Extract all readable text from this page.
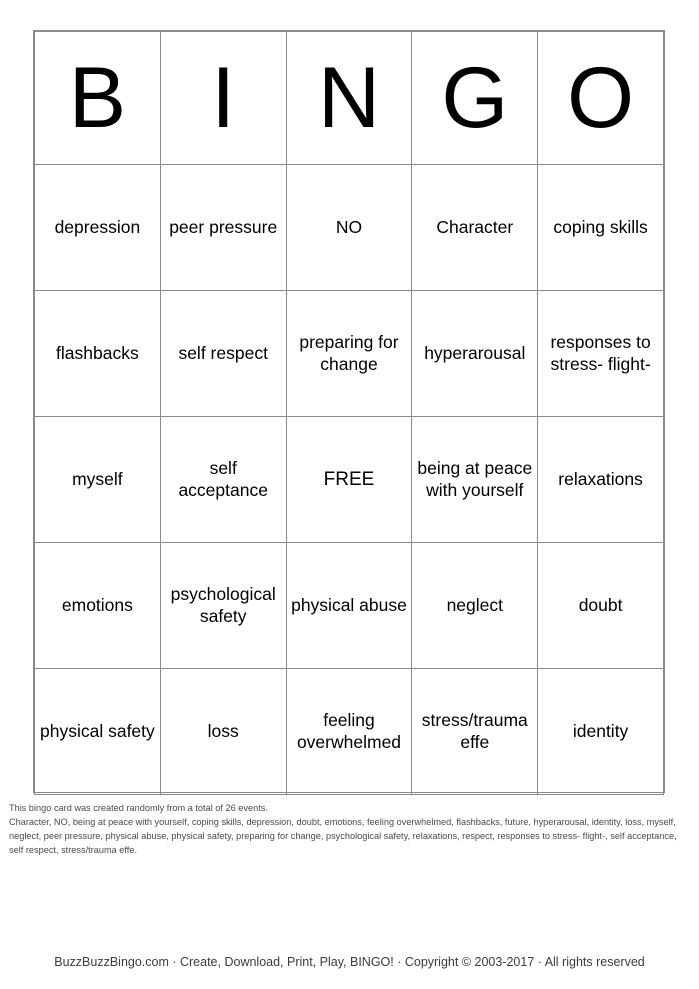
B	I	N	G	O
depression	peer pressure	NO	Character	coping skills
flashbacks	self respect	preparing for change	hyperarousal	responses to stress- flight-
myself	self acceptance	FREE	being at peace with yourself	relaxations
emotions	psychological safety	physical abuse	neglect	doubt
physical safety	loss	feeling overwhelmed	stress/trauma effe	identity
This bingo card was created randomly from a total of 26 events.
Character, NO, being at peace with yourself, coping skills, depression, doubt, emotions, feeling overwhelmed, flashbacks, future, hyperarousal, identity, loss, myself, neglect, peer pressure, physical abuse, physical safety, preparing for change, psychological safety, relaxations, respect, responses to stress- flight-, self acceptance, self respect, stress/trauma effe.
BuzzBuzzBingo.com · Create, Download, Print, Play, BINGO! · Copyright © 2003-2017 · All rights reserved
